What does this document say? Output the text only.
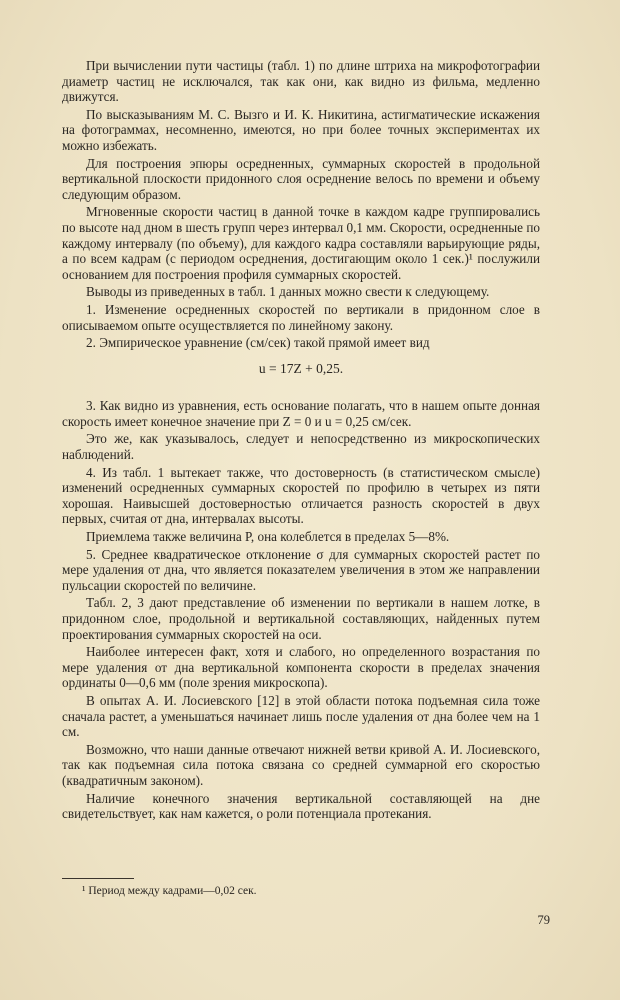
При вычислении пути частицы (табл. 1) по длине штриха на микрофотографии диаметр частиц не исключался, так как они, как видно из фильма, медленно движутся.

По высказываниям М. С. Вызго и И. К. Никитина, астигматические искажения на фотограммах, несомненно, имеются, но при более точных экспериментах их можно избежать.

Для построения эпюры осредненных, суммарных скоростей в продольной вертикальной плоскости придонного слоя осреднение велось по времени и объему следующим образом.

Мгновенные скорости частиц в данной точке в каждом кадре группировались по высоте над дном в шесть групп через интервал 0,1 мм. Скорости, осредненные по каждому интервалу (по объему), для каждого кадра составляли варьирующие ряды, а по всем кадрам (с периодом осреднения, достигающим около 1 сек.)¹ послужили основанием для построения профиля суммарных скоростей.

Выводы из приведенных в табл. 1 данных можно свести к следующему.

1. Изменение осредненных скоростей по вертикали в придонном слое в описываемом опыте осуществляется по линейному закону.

2. Эмпирическое уравнение (см/сек) такой прямой имеет вид

u = 17Z + 0,25.

3. Как видно из уравнения, есть основание полагать, что в нашем опыте донная скорость имеет конечное значение при Z = 0 и u = 0,25 см/сек.

Это же, как указывалось, следует и непосредственно из микроскопических наблюдений.

4. Из табл. 1 вытекает также, что достоверность (в статистическом смысле) изменений осредненных суммарных скоростей по профилю в четырех из пяти хорошая. Наивысшей достоверностью отличается разность скоростей в двух первых, считая от дна, интервалах высоты.

Приемлема также величина P, она колеблется в пределах 5—8%.

5. Среднее квадратическое отклонение σ для суммарных скоростей растет по мере удаления от дна, что является показателем увеличения в этом же направлении пульсации скоростей по величине.

Табл. 2, 3 дают представление об изменении по вертикали в нашем лотке, в придонном слое, продольной и вертикальной составляющих, найденных путем проектирования суммарных скоростей на оси.

Наиболее интересен факт, хотя и слабого, но определенного возрастания по мере удаления от дна вертикальной компонента скорости в пределах значения ординаты 0—0,6 мм (поле зрения микроскопа).

В опытах А. И. Лосиевского [12] в этой области потока подъемная сила тоже сначала растет, а уменьшаться начинает лишь после удаления от дна более чем на 1 см.

Возможно, что наши данные отвечают нижней ветви кривой А. И. Лосиевского, так как подъемная сила потока связана со средней суммарной его скоростью (квадратичным законом).

Наличие конечного значения вертикальной составляющей на дне свидетельствует, как нам кажется, о роли потенциала протекания.

¹ Период между кадрами—0,02 сек.
79
